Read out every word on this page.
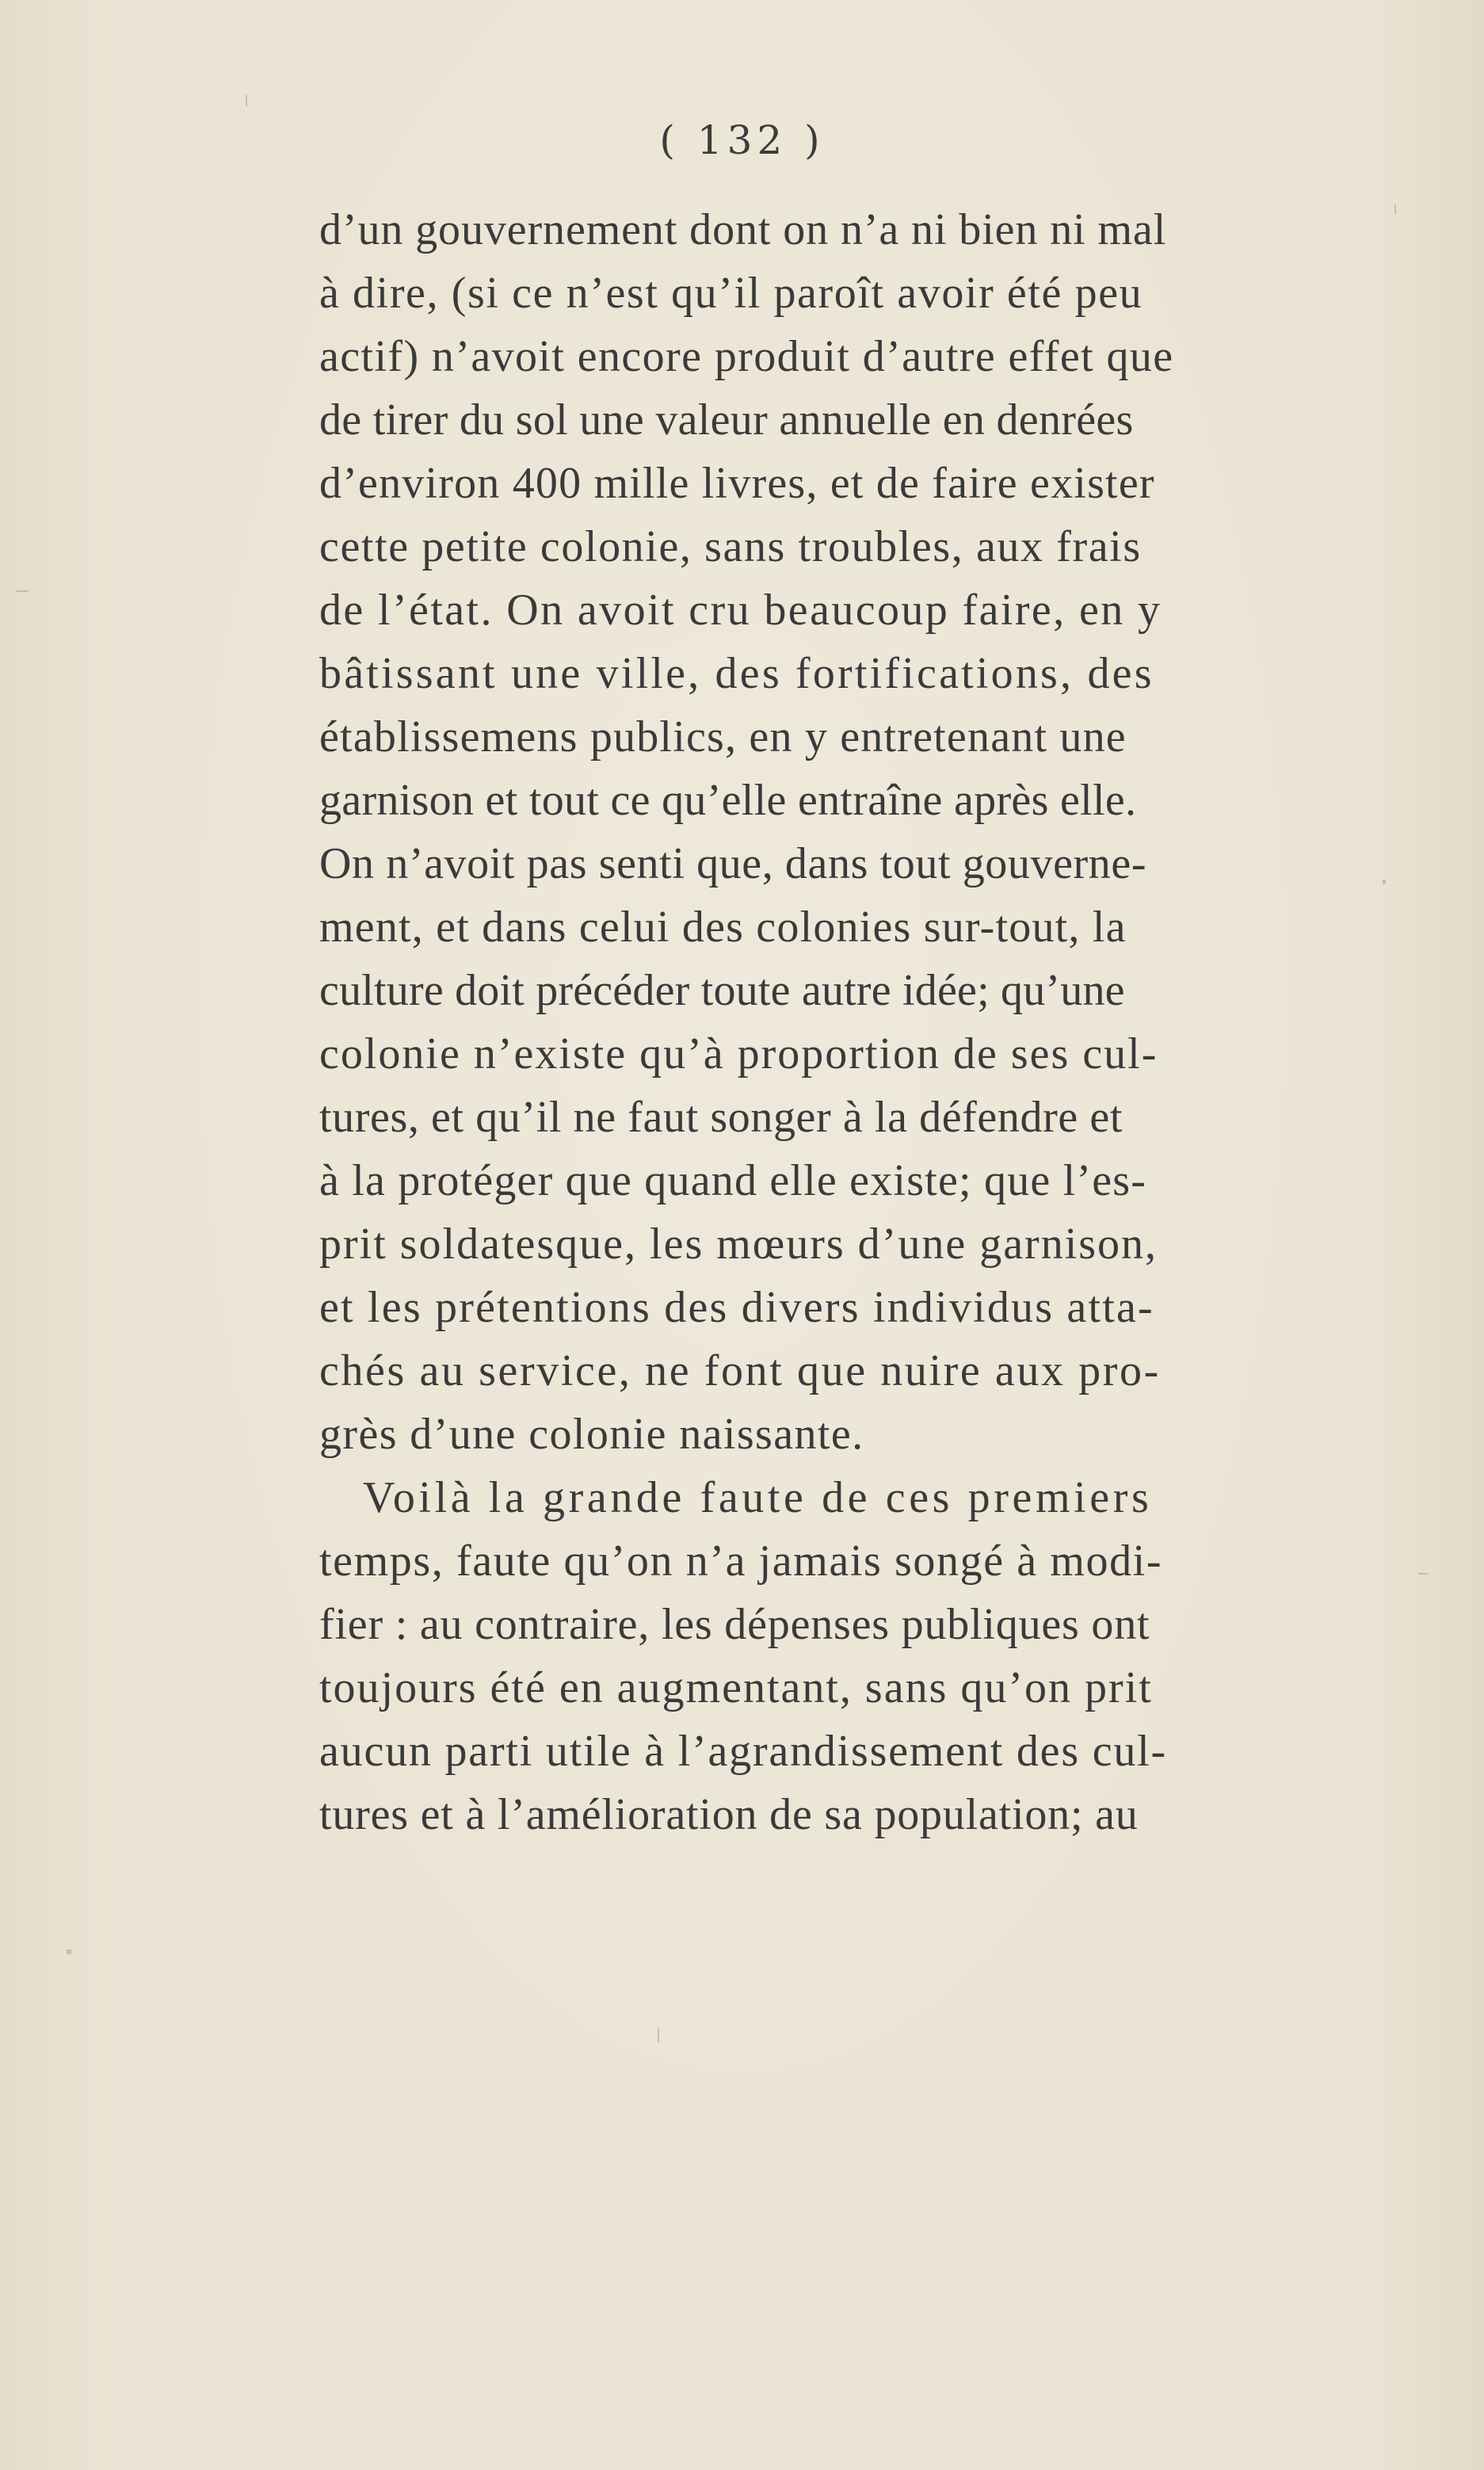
( 132 )

d’un gouvernement dont on n’a ni bien ni mal
à dire, (si ce n’est qu’il paroît avoir été peu
actif) n’avoit encore produit d’autre effet que
de tirer du sol une valeur annuelle en denrées
d’environ 400 mille livres, et de faire exister
cette petite colonie, sans troubles, aux frais
de l’état. On avoit cru beaucoup faire, en y
bâtissant une ville, des fortifications, des
établissemens publics, en y entretenant une
garnison et tout ce qu’elle entraîne après elle.
On n’avoit pas senti que, dans tout gouverne-
ment, et dans celui des colonies sur-tout, la
culture doit précéder toute autre idée; qu’une
colonie n’existe qu’à proportion de ses cul-
tures, et qu’il ne faut songer à la défendre et
à la protéger que quand elle existe; que l’es-
prit soldatesque, les mœurs d’une garnison,
et les prétentions des divers individus atta-
chés au service, ne font que nuire aux pro-
grès d’une colonie naissante.
Voilà la grande faute de ces premiers
temps, faute qu’on n’a jamais songé à modi-
fier : au contraire, les dépenses publiques ont
toujours été en augmentant, sans qu’on prit
aucun parti utile à l’agrandissement des cul-
tures et à l’amélioration de sa population; au
